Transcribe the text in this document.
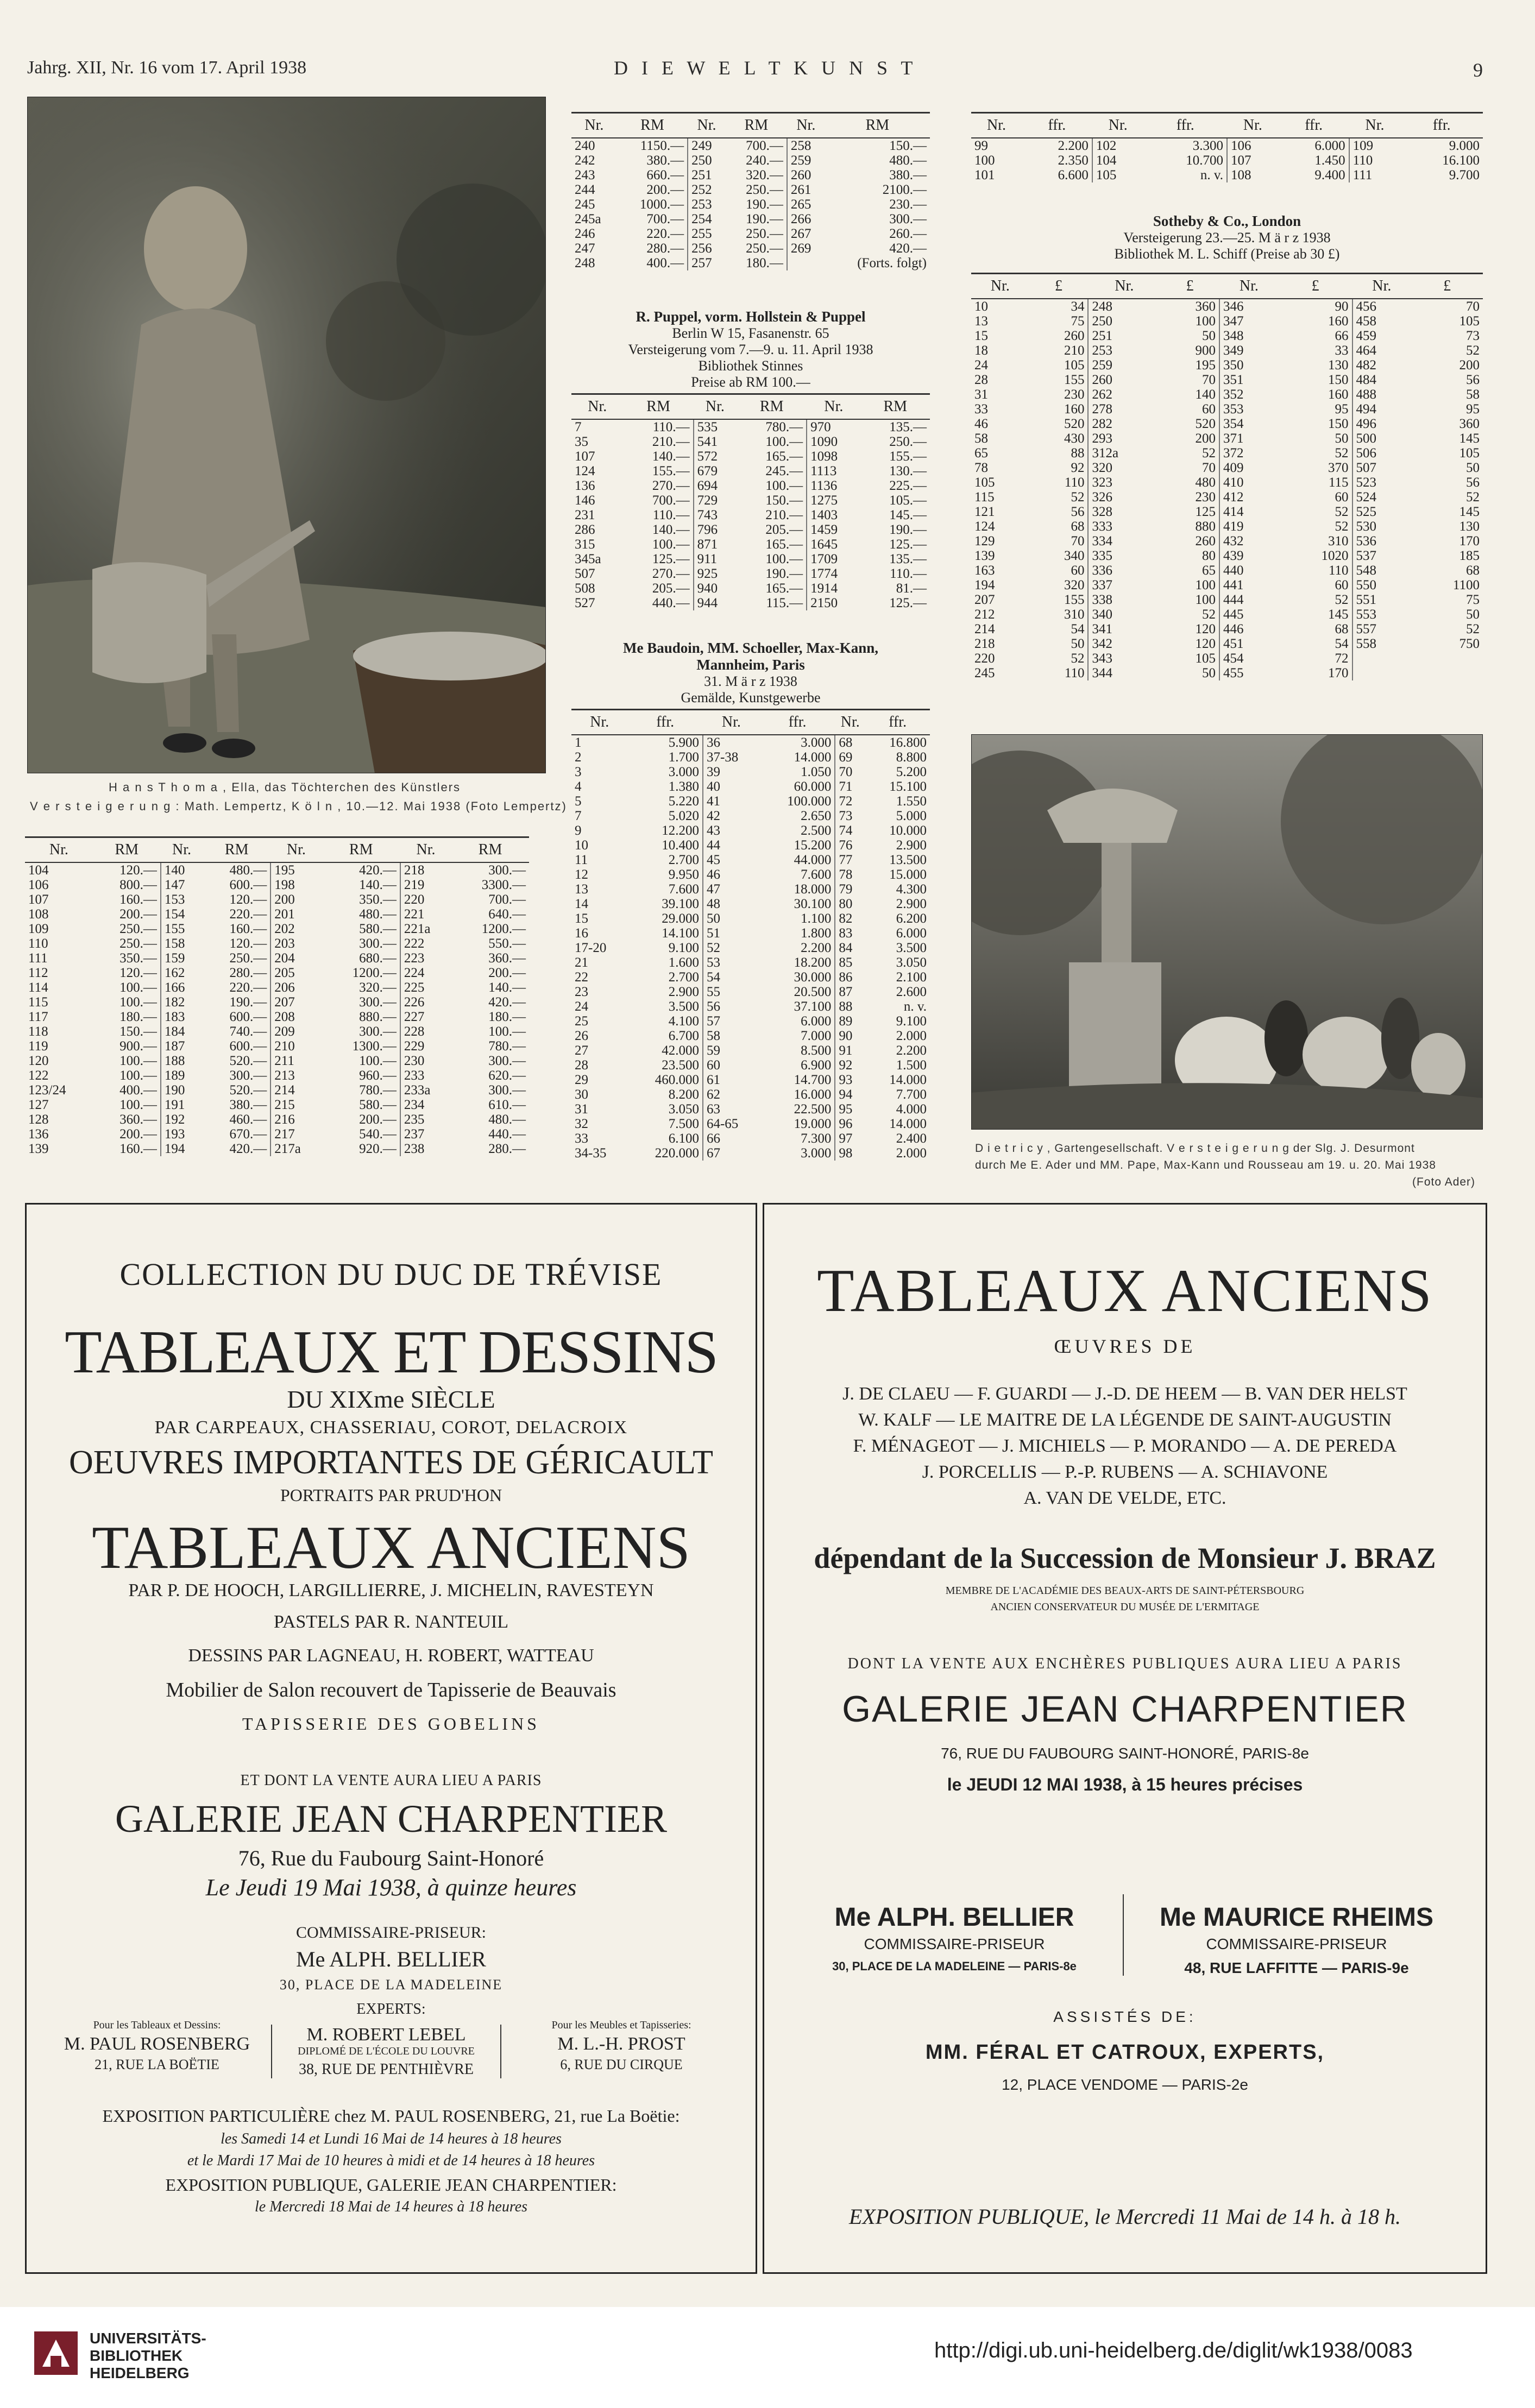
Jahrg. XII, Nr. 16 vom 17. April 1938	D I E W E L T K U N S T	9
H a n s T h o m a , Ella, das Töchterchen des Künstlers
V e r s t e i g e r u n g : Math. Lempertz, K ö l n , 10.—12. Mai 1938 (Foto Lempertz)
Nr.	RM	Nr.	RM	Nr.	RM	Nr.	RM
104	120.—	140	480.—	195	420.—	218	300.—
106	800.—	147	600.—	198	140.—	219	3300.—
107	160.—	153	120.—	200	350.—	220	700.—
108	200.—	154	220.—	201	480.—	221	640.—
109	250.—	155	160.—	202	580.—	221a	1200.—
110	250.—	158	120.—	203	300.—	222	550.—
111	350.—	159	250.—	204	680.—	223	360.—
112	120.—	162	280.—	205	1200.—	224	200.—
114	100.—	166	220.—	206	320.—	225	140.—
115	100.—	182	190.—	207	300.—	226	420.—
117	180.—	183	600.—	208	880.—	227	180.—
118	150.—	184	740.—	209	300.—	228	100.—
119	900.—	187	600.—	210	1300.—	229	780.—
120	100.—	188	520.—	211	100.—	230	300.—
122	100.—	189	300.—	213	960.—	233	620.—
123/24	400.—	190	520.—	214	780.—	233a	300.—
127	100.—	191	380.—	215	580.—	234	610.—
128	360.—	192	460.—	216	200.—	235	480.—
136	200.—	193	670.—	217	540.—	237	440.—
139	160.—	194	420.—	217a	920.—	238	280.—
Nr.	RM	Nr.	RM	Nr.	RM
240	1150.—	249	700.—	258	150.—
242	380.—	250	240.—	259	480.—
243	660.—	251	320.—	260	380.—
244	200.—	252	250.—	261	2100.—
245	1000.—	253	190.—	265	230.—
245a	700.—	254	190.—	266	300.—
246	220.—	255	250.—	267	260.—
247	280.—	256	250.—	269	420.—
248	400.—	257	180.—		(Forts. folgt)
R. Puppel, vorm. Hollstein & Puppel
Berlin W 15, Fasanenstr. 65
Versteigerung vom 7.—9. u. 11. April 1938
Bibliothek Stinnes
Preise ab RM 100.—
Nr.	RM	Nr.	RM	Nr.	RM
7	110.—	535	780.—	970	135.—
35	210.—	541	100.—	1090	250.—
107	140.—	572	165.—	1098	155.—
124	155.—	679	245.—	1113	130.—
136	270.—	694	100.—	1136	225.—
146	700.—	729	150.—	1275	105.—
231	110.—	743	210.—	1403	145.—
286	140.—	796	205.—	1459	190.—
315	100.—	871	165.—	1645	125.—
345a	125.—	911	100.—	1709	135.—
507	270.—	925	190.—	1774	110.—
508	205.—	940	165.—	1914	81.—
527	440.—	944	115.—	2150	125.—
Me Baudoin, MM. Schoeller, Max-Kann,
Mannheim, Paris
31. M ä r z 1938
Gemälde, Kunstgewerbe
Nr.	ffr.	Nr.	ffr.	Nr.	ffr.
1	5.900	36	3.000	68	16.800
2	1.700	37-38	14.000	69	8.800
3	3.000	39	1.050	70	5.200
4	1.380	40	60.000	71	15.100
5	5.220	41	100.000	72	1.550
7	5.020	42	2.650	73	5.000
9	12.200	43	2.500	74	10.000
10	10.400	44	15.200	76	2.900
11	2.700	45	44.000	77	13.500
12	9.950	46	7.600	78	15.000
13	7.600	47	18.000	79	4.300
14	39.100	48	30.100	80	2.900
15	29.000	50	1.100	82	6.200
16	14.100	51	1.800	83	6.000
17-20	9.100	52	2.200	84	3.500
21	1.600	53	18.200	85	3.050
22	2.700	54	30.000	86	2.100
23	2.900	55	20.500	87	2.600
24	3.500	56	37.100	88	n. v.
25	4.100	57	6.000	89	9.100
26	6.700	58	7.000	90	2.000
27	42.000	59	8.500	91	2.200
28	23.500	60	6.900	92	1.500
29	460.000	61	14.700	93	14.000
30	8.200	62	16.000	94	7.700
31	3.050	63	22.500	95	4.000
32	7.500	64-65	19.000	96	14.000
33	6.100	66	7.300	97	2.400
34-35	220.000	67	3.000	98	2.000
Nr.	ffr.	Nr.	ffr.	Nr.	ffr.	Nr.	ffr.
99	2.200	102	3.300	106	6.000	109	9.000
100	2.350	104	10.700	107	1.450	110	16.100
101	6.600	105	n. v.	108	9.400	111	9.700
Sotheby & Co., London
Versteigerung 23.—25. M ä r z 1938
Bibliothek M. L. Schiff (Preise ab 30 £)
Nr.	£	Nr.	£	Nr.	£	Nr.	£
10	34	248	360	346	90	456	70
13	75	250	100	347	160	458	105
15	260	251	50	348	66	459	73
18	210	253	900	349	33	464	52
24	105	259	195	350	130	482	200
28	155	260	70	351	150	484	56
31	230	262	140	352	160	488	58
33	160	278	60	353	95	494	95
46	520	282	520	354	150	496	360
58	430	293	200	371	50	500	145
65	88	312a	52	372	52	506	105
78	92	320	70	409	370	507	50
105	110	323	480	410	115	523	56
115	52	326	230	412	60	524	52
121	56	328	125	414	52	525	145
124	68	333	880	419	52	530	130
129	70	334	260	432	310	536	170
139	340	335	80	439	1020	537	185
163	60	336	65	440	110	548	68
194	320	337	100	441	60	550	1100
207	155	338	100	444	52	551	75
212	310	340	52	445	145	553	50
214	54	341	120	446	68	557	52
218	50	342	120	451	54	558	750
220	52	343	105	454	72		
245	110	344	50	455	170		
D i e t r i c y , Gartengesellschaft. V e r s t e i g e r u n g der Slg. J. Desurmont
durch Me E. Ader und MM. Pape, Max-Kann und Rousseau am 19. u. 20. Mai 1938
(Foto Ader)
COLLECTION DU DUC DE TRÉVISE
TABLEAUX ET DESSINS
DU XIXme SIÈCLE
PAR CARPEAUX, CHASSERIAU, COROT, DELACROIX
OEUVRES IMPORTANTES DE GÉRICAULT
PORTRAITS PAR PRUD'HON
TABLEAUX ANCIENS
PAR P. DE HOOCH, LARGILLIERRE, J. MICHELIN, RAVESTEYN
PASTELS PAR R. NANTEUIL
DESSINS PAR LAGNEAU, H. ROBERT, WATTEAU
Mobilier de Salon recouvert de Tapisserie de Beauvais
TAPISSERIE DES GOBELINS
ET DONT LA VENTE AURA LIEU A PARIS
GALERIE JEAN CHARPENTIER
76, Rue du Faubourg Saint-Honoré
Le Jeudi 19 Mai 1938, à quinze heures
COMMISSAIRE-PRISEUR:
Me ALPH. BELLIER
30, PLACE DE LA MADELEINE
EXPERTS:
Pour les Tableaux et Dessins:
M. PAUL ROSENBERG
21, RUE LA BOËTIE
M. ROBERT LEBEL
DIPLOMÉ DE L'ÉCOLE DU LOUVRE
38, RUE DE PENTHIÈVRE
Pour les Meubles et Tapisseries:
M. L.-H. PROST
6, RUE DU CIRQUE
EXPOSITION PARTICULIÈRE chez M. PAUL ROSENBERG, 21, rue La Boëtie:
les Samedi 14 et Lundi 16 Mai de 14 heures à 18 heures
et le Mardi 17 Mai de 10 heures à midi et de 14 heures à 18 heures
EXPOSITION PUBLIQUE, GALERIE JEAN CHARPENTIER:
le Mercredi 18 Mai de 14 heures à 18 heures
TABLEAUX ANCIENS
ŒUVRES DE
J. DE CLAEU — F. GUARDI — J.-D. DE HEEM — B. VAN DER HELST
W. KALF — LE MAITRE DE LA LÉGENDE DE SAINT-AUGUSTIN
F. MÉNAGEOT — J. MICHIELS — P. MORANDO — A. DE PEREDA
J. PORCELLIS — P.-P. RUBENS — A. SCHIAVONE
A. VAN DE VELDE, ETC.
dépendant de la Succession de Monsieur J. BRAZ
MEMBRE DE L'ACADÉMIE DES BEAUX-ARTS DE SAINT-PÉTERSBOURG
ANCIEN CONSERVATEUR DU MUSÉE DE L'ERMITAGE
DONT LA VENTE AUX ENCHÈRES PUBLIQUES AURA LIEU A PARIS
GALERIE JEAN CHARPENTIER
76, RUE DU FAUBOURG SAINT-HONORÉ, PARIS-8e
le JEUDI 12 MAI 1938, à 15 heures précises
Me ALPH. BELLIER
COMMISSAIRE-PRISEUR
30, PLACE DE LA MADELEINE — PARIS-8e
Me MAURICE RHEIMS
COMMISSAIRE-PRISEUR
48, RUE LAFFITTE — PARIS-9e
ASSISTÉS DE:
MM. FÉRAL ET CATROUX, EXPERTS,
12, PLACE VENDOME — PARIS-2e
EXPOSITION PUBLIQUE, le Mercredi 11 Mai de 14 h. à 18 h.
UNIVERSITÄTS-
BIBLIOTHEK
HEIDELBERG
http://digi.ub.uni-heidelberg.de/diglit/wk1938/0083
